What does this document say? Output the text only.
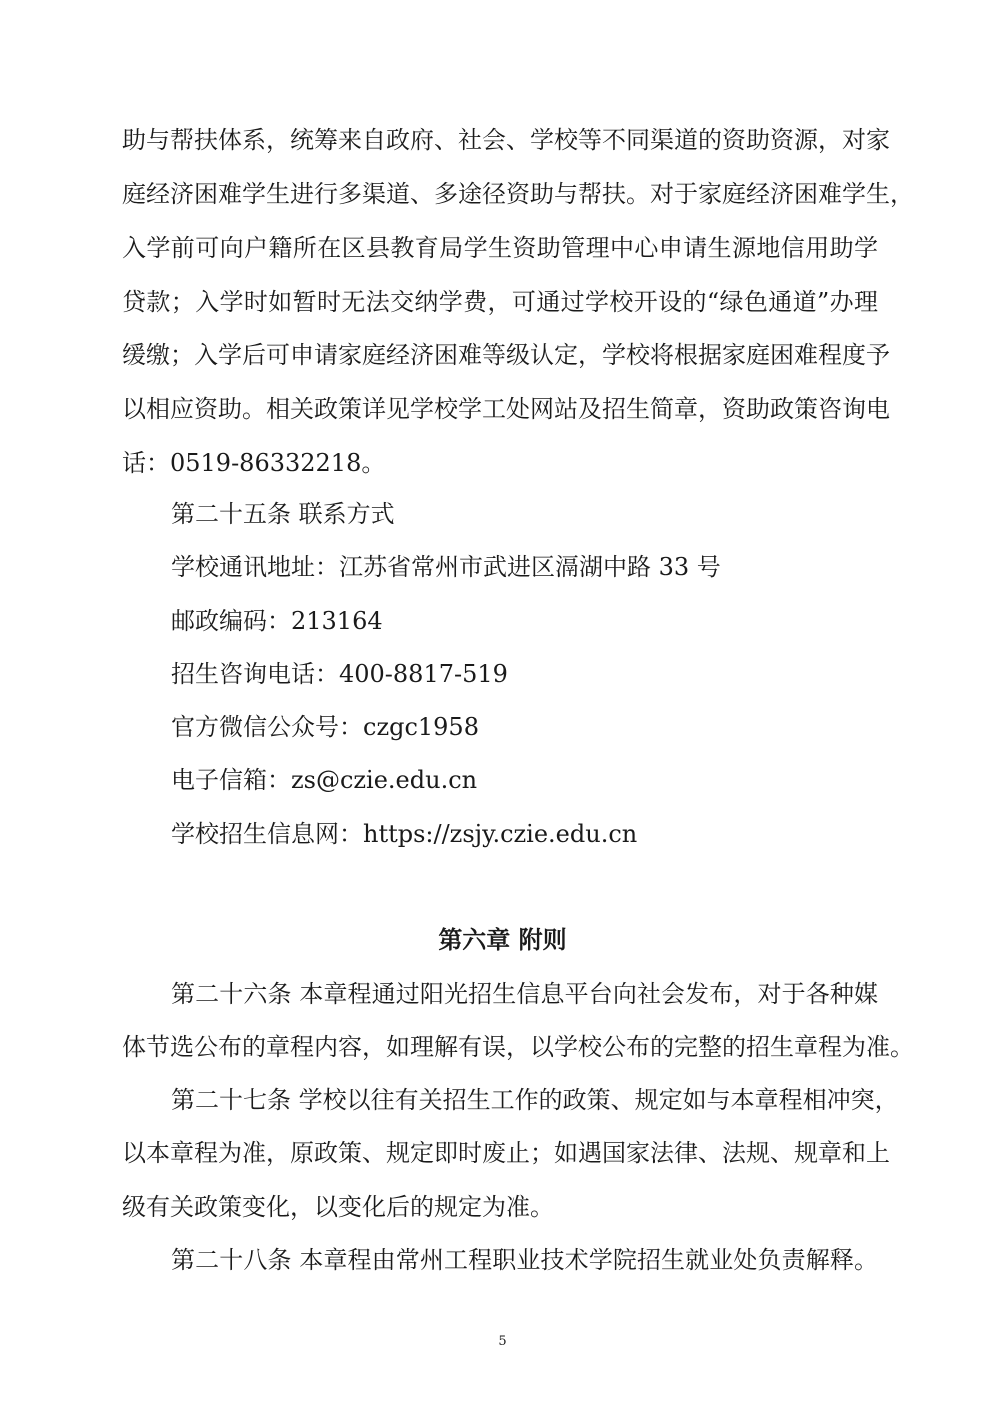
助与帮扶体系，统筹来自政府、社会、学校等不同渠道的资助资源，对家
庭经济困难学生进行多渠道、多途径资助与帮扶。对于家庭经济困难学生，
入学前可向户籍所在区县教育局学生资助管理中心申请生源地信用助学
贷款；入学时如暂时无法交纳学费，可通过学校开设的“绿色通道”办理
缓缴；入学后可申请家庭经济困难等级认定，学校将根据家庭困难程度予
以相应资助。相关政策详见学校学工处网站及招生简章，资助政策咨询电
话：0519-86332218。
第二十五条 联系方式
学校通讯地址：江苏省常州市武进区滆湖中路 33 号
邮政编码：213164
招生咨询电话：400-8817-519
官方微信公众号：czgc1958
电子信箱：zs@czie.edu.cn
学校招生信息网：https://zsjy.czie.edu.cn
第六章 附则
第二十六条 本章程通过阳光招生信息平台向社会发布，对于各种媒
体节选公布的章程内容，如理解有误，以学校公布的完整的招生章程为准。
第二十七条 学校以往有关招生工作的政策、规定如与本章程相冲突，
以本章程为准，原政策、规定即时废止；如遇国家法律、法规、规章和上
级有关政策变化，以变化后的规定为准。
第二十八条 本章程由常州工程职业技术学院招生就业处负责解释。
5
